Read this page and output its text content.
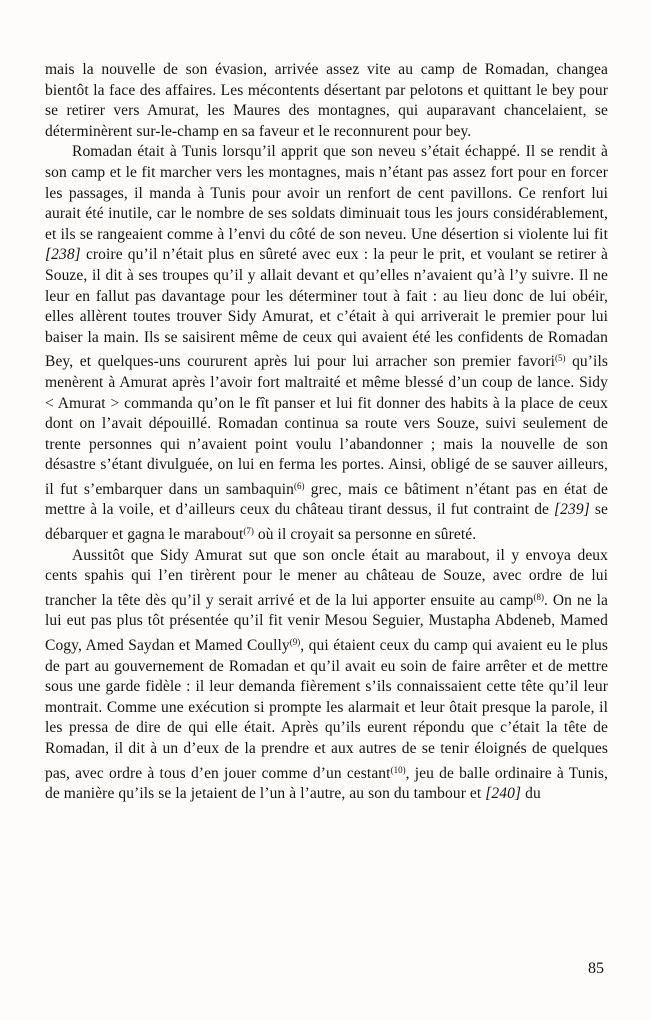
mais la nouvelle de son évasion, arrivée assez vite au camp de Romadan, changea bientôt la face des affaires. Les mécontents désertant par pelotons et quittant le bey pour se retirer vers Amurat, les Maures des montagnes, qui auparavant chancelaient, se déterminèrent sur-le-champ en sa faveur et le reconnurent pour bey.

Romadan était à Tunis lorsqu’il apprit que son neveu s’était échappé. Il se rendit à son camp et le fit marcher vers les montagnes, mais n’étant pas assez fort pour en forcer les passages, il manda à Tunis pour avoir un renfort de cent pavillons. Ce renfort lui aurait été inutile, car le nombre de ses soldats diminuait tous les jours considérablement, et ils se rangeaient comme à l’envi du côté de son neveu. Une désertion si violente lui fit [238] croire qu’il n’était plus en sûreté avec eux : la peur le prit, et voulant se retirer à Souze, il dit à ses troupes qu’il y allait devant et qu’elles n’avaient qu’à l’y suivre. Il ne leur en fallut pas davantage pour les déterminer tout à fait : au lieu donc de lui obéir, elles allèrent toutes trouver Sidy Amurat, et c’était à qui arriverait le premier pour lui baiser la main. Ils se saisirent même de ceux qui avaient été les confidents de Romadan Bey, et quelques-uns coururent après lui pour lui arracher son premier favori$^{(5)}$ qu’ils menèrent à Amurat après l’avoir fort maltraité et même blessé d’un coup de lance. Sidy < Amurat > commanda qu’on le fît panser et lui fit donner des habits à la place de ceux dont on l’avait dépouillé. Romadan continua sa route vers Souze, suivi seulement de trente personnes qui n’avaient point voulu l’abandonner ; mais la nouvelle de son désastre s’étant divulguée, on lui en ferma les portes. Ainsi, obligé de se sauver ailleurs, il fut s’embarquer dans un sambaquin$^{(6)}$ grec, mais ce bâtiment n’étant pas en état de mettre à la voile, et d’ailleurs ceux du château tirant dessus, il fut contraint de [239] se débarquer et gagna le marabout$^{(7)}$ où il croyait sa personne en sûreté.

Aussitôt que Sidy Amurat sut que son oncle était au marabout, il y envoya deux cents spahis qui l’en tirèrent pour le mener au château de Souze, avec ordre de lui trancher la tête dès qu’il y serait arrivé et de la lui apporter ensuite au camp$^{(8)}$. On ne la lui eut pas plus tôt présentée qu’il fit venir Mesou Seguier, Mustapha Abdeneb, Mamed Cogy, Amed Saydan et Mamed Coully$^{(9)}$, qui étaient ceux du camp qui avaient eu le plus de part au gouvernement de Romadan et qu’il avait eu soin de faire arrêter et de mettre sous une garde fidèle : il leur demanda fièrement s’ils connaissaient cette tête qu’il leur montrait. Comme une exécution si prompte les alarmait et leur ôtait presque la parole, il les pressa de dire de qui elle était. Après qu’ils eurent répondu que c’était la tête de Romadan, il dit à un d’eux de la prendre et aux autres de se tenir éloignés de quelques pas, avec ordre à tous d’en jouer comme d’un cestant$^{(10)}$, jeu de balle ordinaire à Tunis, de manière qu’ils se la jetaient de l’un à l’autre, au son du tambour et [240] du

85
